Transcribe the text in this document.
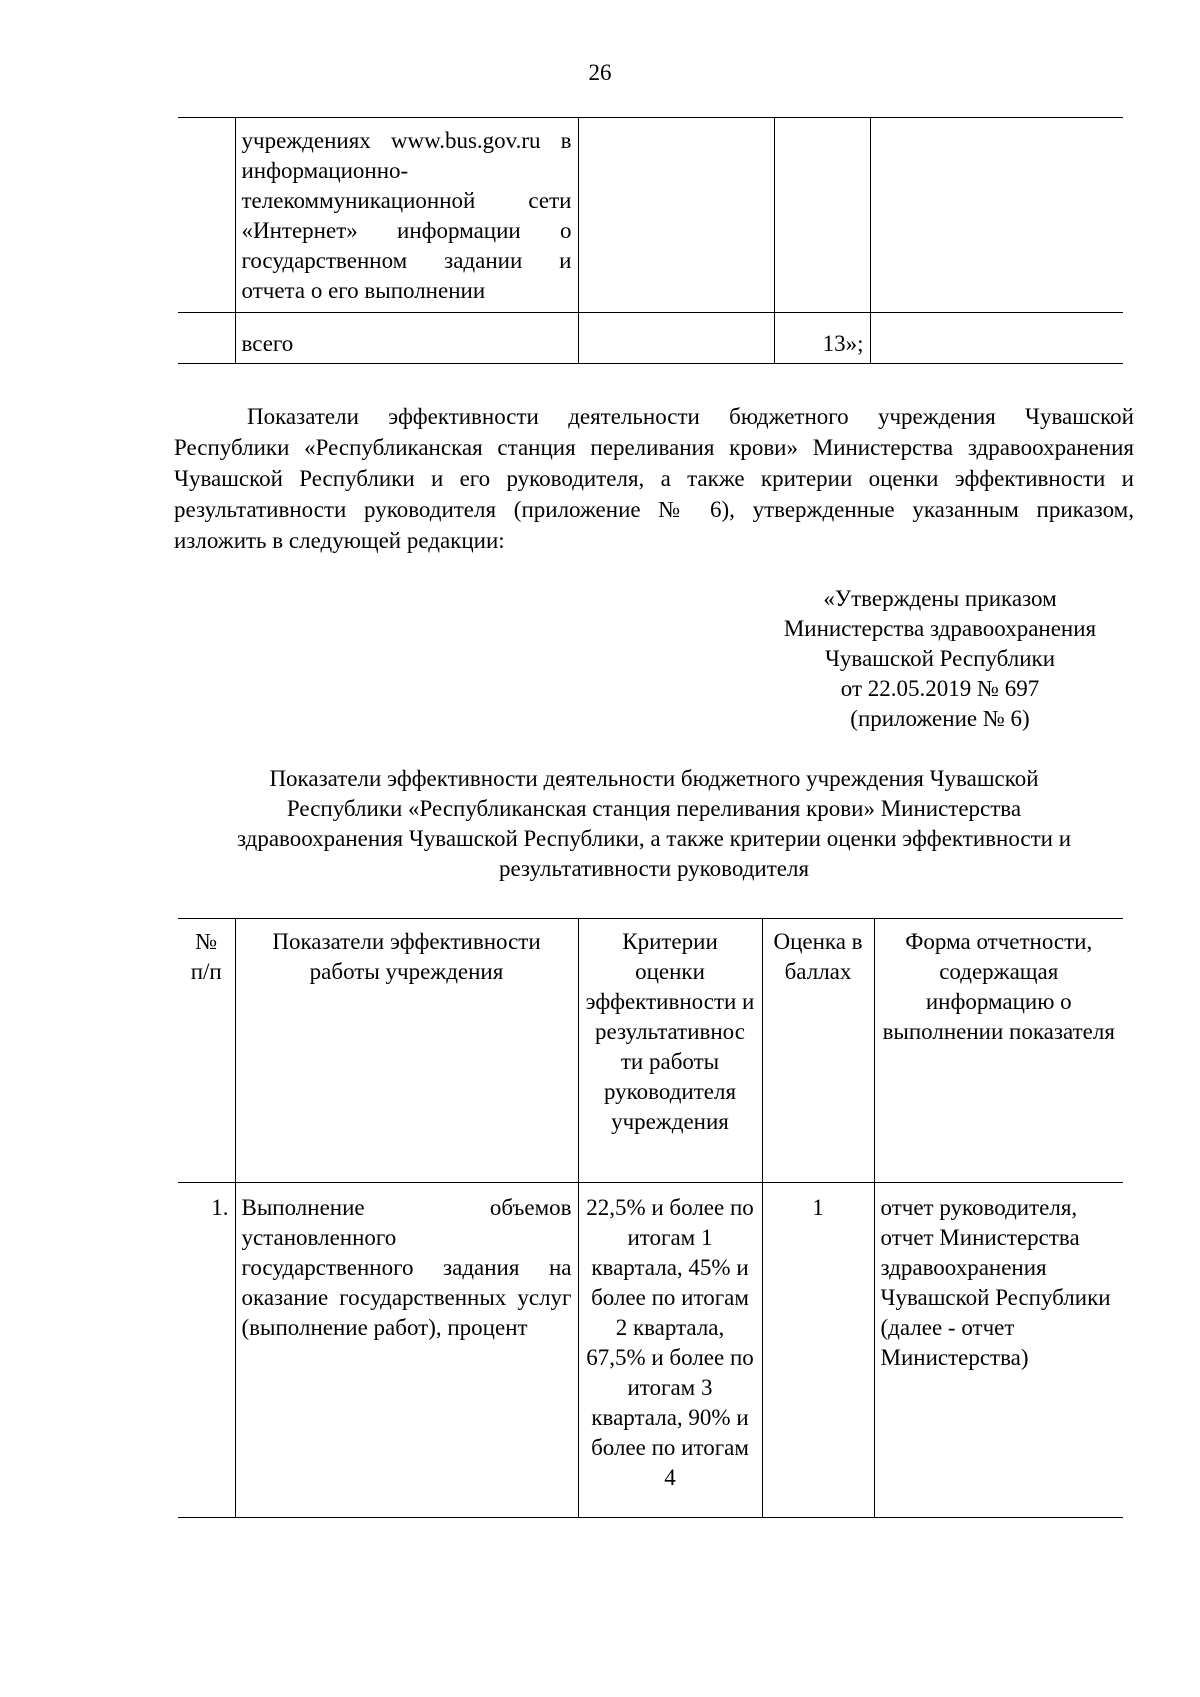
26
	учреждениях www.bus.gov.ru в информационно-телекоммуникационной сети «Интернет» информации о государственном задании и отчета о его выполнении			
	всего		13»;	
Показатели эффективности деятельности бюджетного учреждения Чувашской Республики «Республиканская станция переливания крови» Министерства здравоохранения Чувашской Республики и его руководителя, а также критерии оценки эффективности и результативности руководителя (приложение № 6), утвержденные указанным приказом, изложить в следующей редакции:
«Утверждены приказом
Министерства здравоохранения
Чувашской Республики
от 22.05.2019 № 697
(приложение № 6)
Показатели эффективности деятельности бюджетного учреждения Чувашской
Республики «Республиканская станция переливания крови» Министерства
здравоохранения Чувашской Республики, а также критерии оценки эффективности и
результативности руководителя
№ п/п	Показатели эффективности работы учреждения	Критерии оценки эффективности и результативнос ти работы руководителя учреждения	Оценка в баллах	Форма отчетности, содержащая информацию о выполнении показателя
1.	Выполнение объемов установленного государственного задания на оказание государственных услуг (выполнение работ), процент	22,5% и более по итогам 1 квартала, 45% и более по итогам 2 квартала, 67,5% и более по итогам 3 квартала, 90% и более по итогам 4	1	отчет руководителя, отчет Министерства здравоохранения Чувашской Республики (далее - отчет Министерства)
